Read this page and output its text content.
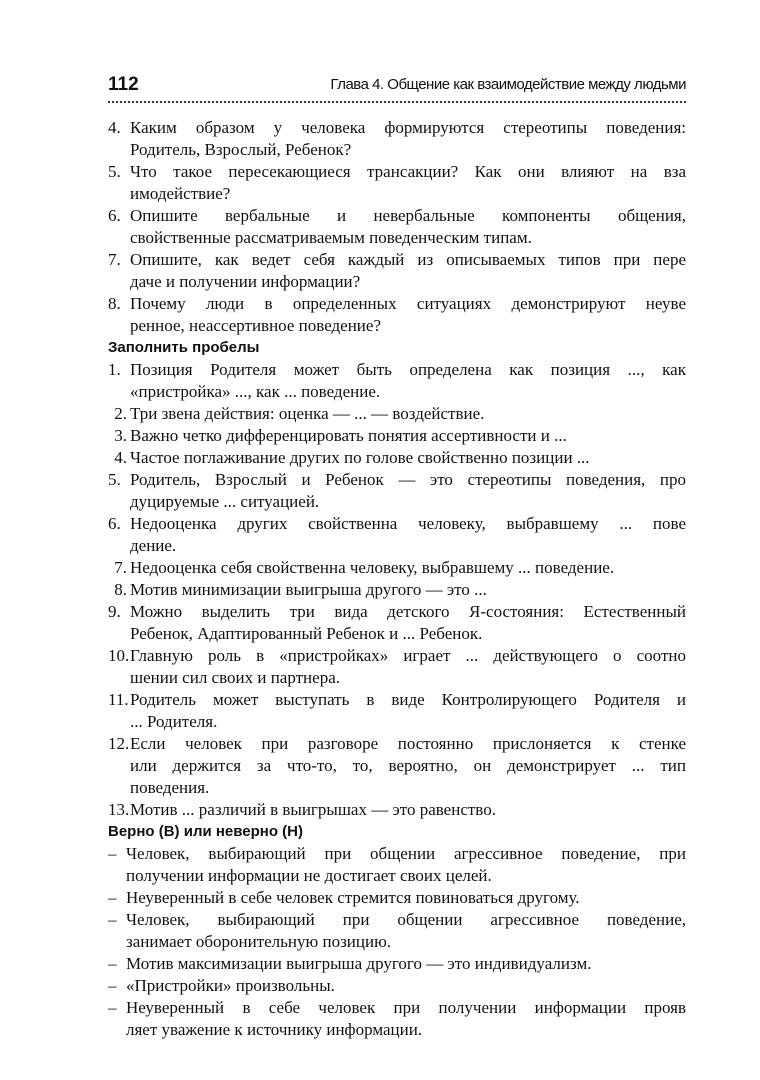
112	Глава 4. Общение как взаимодействие между людьми
4. Каким образом у человека формируются стереотипы поведения:
Родитель, Взрослый, Ребенок?
5. Что такое пересекающиеся трансакции? Как они влияют на вза
имодействие?
6. Опишите вербальные и невербальные компоненты общения,
свойственные рассматриваемым поведенческим типам.
7. Опишите, как ведет себя каждый из описываемых типов при пере
даче и получении информации?
8. Почему люди в определенных ситуациях демонстрируют неуве
ренное, неассертивное поведение?
Заполнить пробелы
1. Позиция Родителя может быть определена как позиция ..., как
«пристройка» ..., как ... поведение.
2. Три звена действия: оценка — ... — воздействие.
3. Важно четко дифференцировать понятия ассертивности и ...
4. Частое поглаживание других по голове свойственно позиции ...
5. Родитель, Взрослый и Ребенок — это стереотипы поведения, про
дуцируемые ... ситуацией.
6. Недооценка других свойственна человеку, выбравшему ... пове
дение.
7. Недооценка себя свойственна человеку, выбравшему ... поведение.
8. Мотив минимизации выигрыша другого — это ...
9. Можно выделить три вида детского Я-состояния: Естественный
Ребенок, Адаптированный Ребенок и ... Ребенок.
10.Главную роль в «пристройках» играет ... действующего о соотно
шении сил своих и партнера.
11.Родитель может выступать в виде Контролирующего Родителя и
... Родителя.
12.Если человек при разговоре постоянно прислоняется к стенке
или держится за что-то, то, вероятно, он демонстрирует ... тип
поведения.
13.Мотив ... различий в выигрышах — это равенство.
Верно (В) или неверно (Н)
– Человек, выбирающий при общении агрессивное поведение, при
получении информации не достигает своих целей.
– Неуверенный в себе человек стремится повиноваться другому.
– Человек, выбирающий при общении агрессивное поведение,
занимает оборонительную позицию.
– Мотив максимизации выигрыша другого — это индивидуализм.
– «Пристройки» произвольны.
– Неуверенный в себе человек при получении информации прояв
ляет уважение к источнику информации.
